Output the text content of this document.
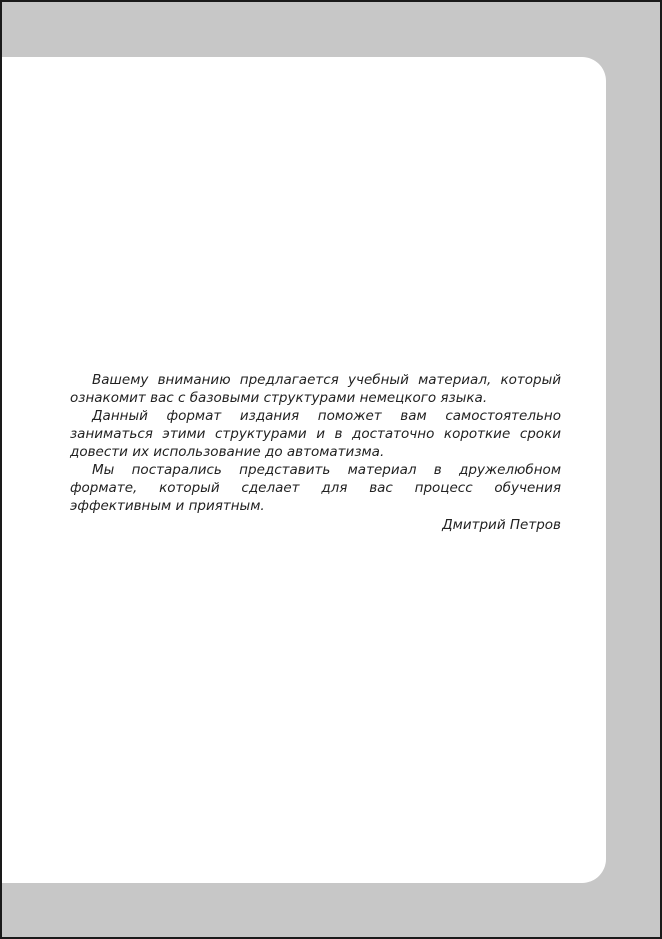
Вашему вниманию предлагается учебный материал, который ознакомит вас с базовыми структурами немецкого языка.

Данный формат издания поможет вам самостоятельно заниматься этими структурами и в достаточно короткие сроки довести их использование до автоматизма.

Мы постарались представить материал в дружелюбном формате, который сделает для вас процесс обучения эффективным и приятным.

Дмитрий Петров
